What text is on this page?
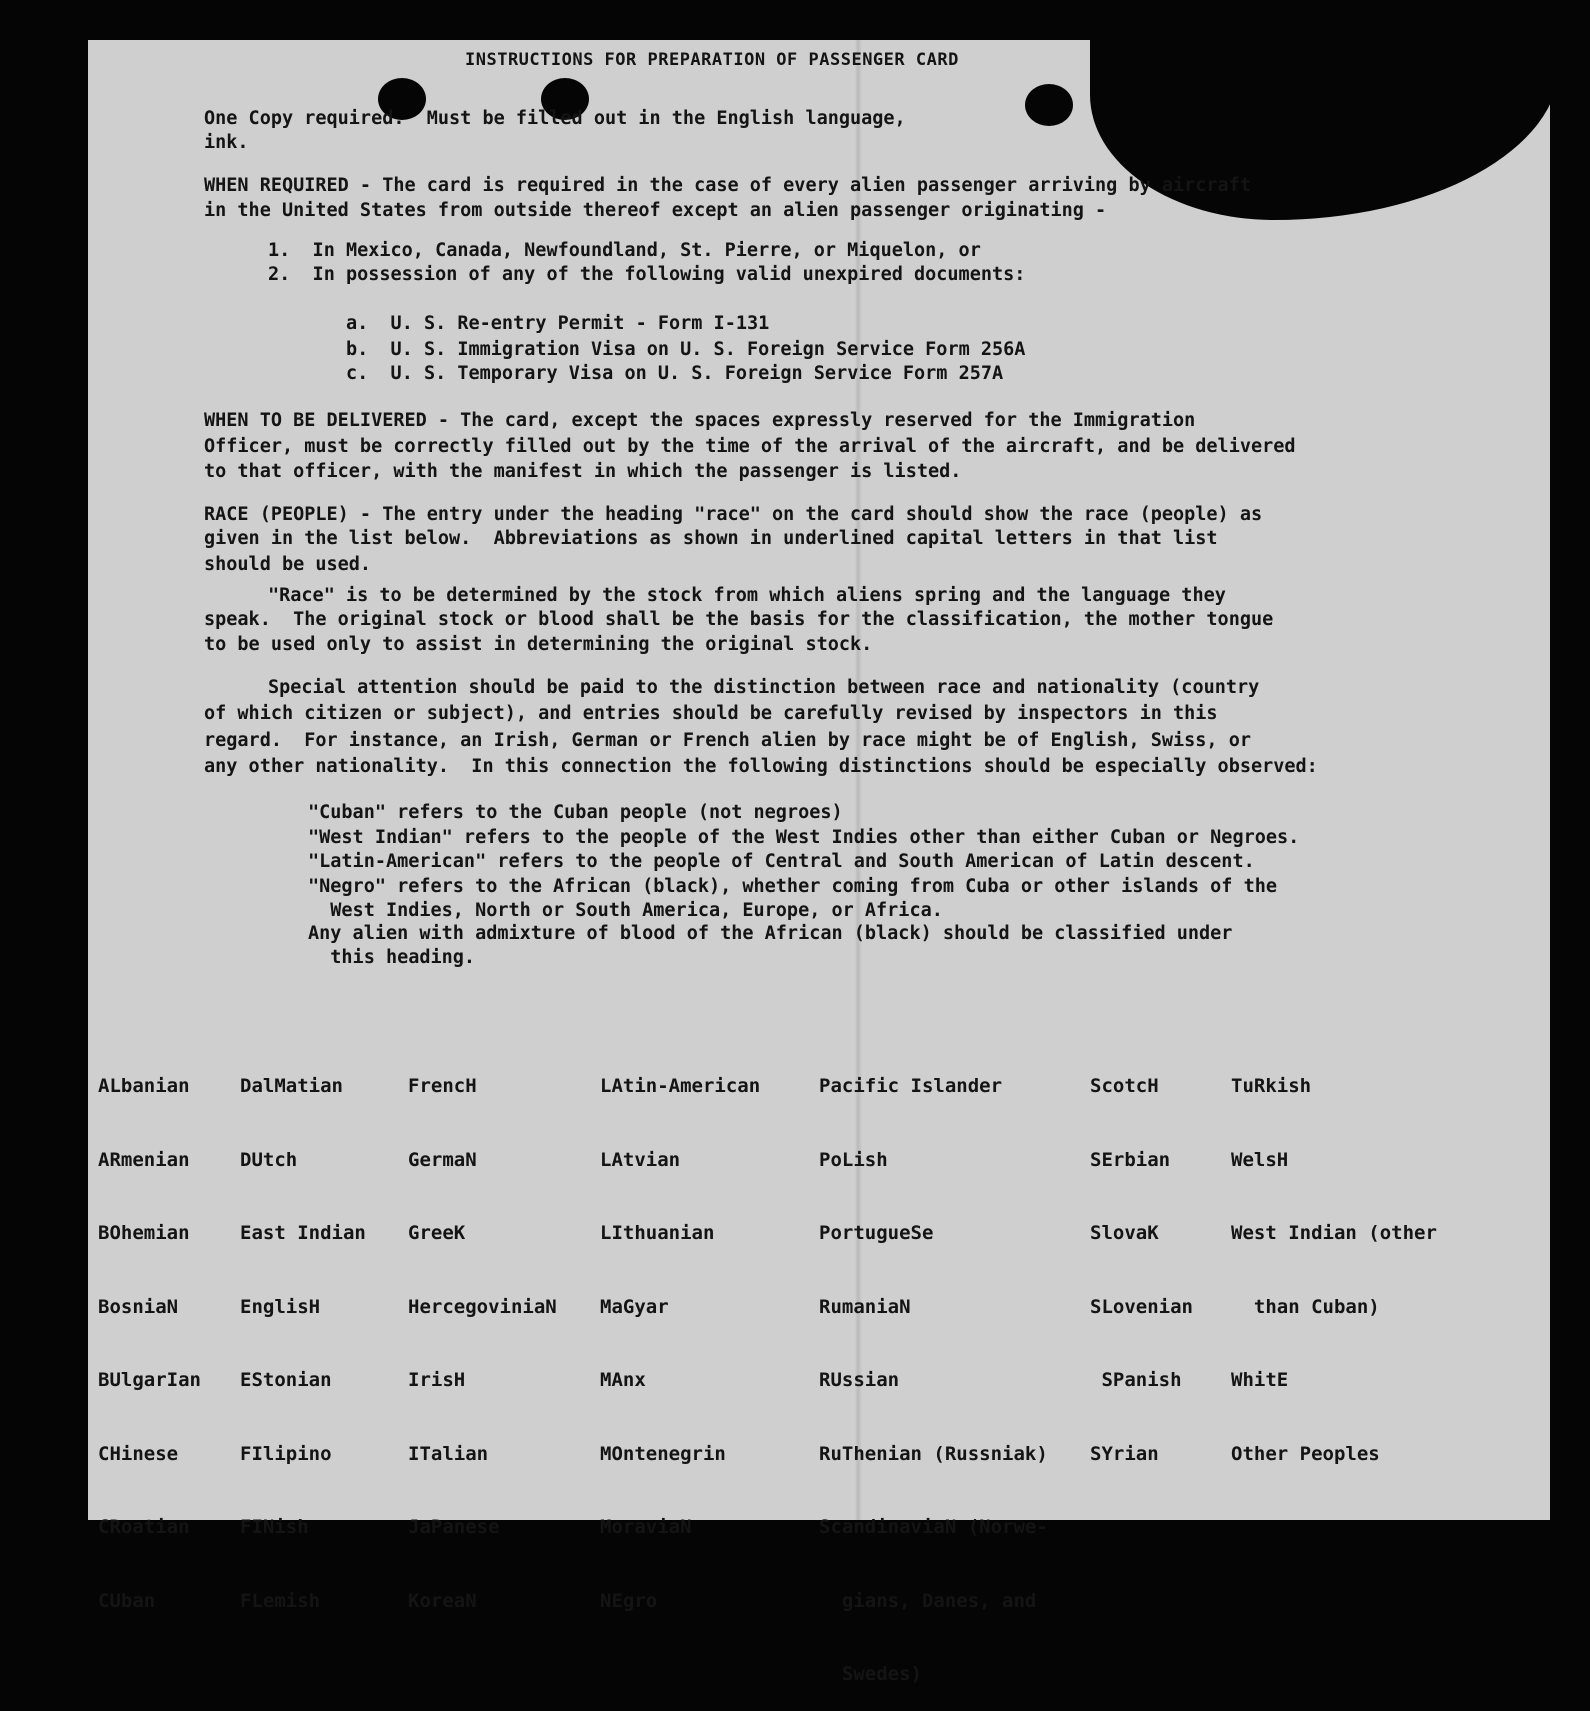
INSTRUCTIONS FOR PREPARATION OF PASSENGER CARD
One Copy required.  Must be filled out in the English language,
ink.
WHEN REQUIRED - The card is required in the case of every alien passenger arriving by aircraft
in the United States from outside thereof except an alien passenger originating -
1.  In Mexico, Canada, Newfoundland, St. Pierre, or Miquelon, or
2.  In possession of any of the following valid unexpired documents:
a.  U. S. Re-entry Permit - Form I-131
b.  U. S. Immigration Visa on U. S. Foreign Service Form 256A
c.  U. S. Temporary Visa on U. S. Foreign Service Form 257A
WHEN TO BE DELIVERED - The card, except the spaces expressly reserved for the Immigration
Officer, must be correctly filled out by the time of the arrival of the aircraft, and be delivered
to that officer, with the manifest in which the passenger is listed.
RACE (PEOPLE) - The entry under the heading "race" on the card should show the race (people) as
given in the list below.  Abbreviations as shown in underlined capital letters in that list
should be used.
"Race" is to be determined by the stock from which aliens spring and the language they
speak.  The original stock or blood shall be the basis for the classification, the mother tongue
to be used only to assist in determining the original stock.
Special attention should be paid to the distinction between race and nationality (country
of which citizen or subject), and entries should be carefully revised by inspectors in this
regard.  For instance, an Irish, German or French alien by race might be of English, Swiss, or
any other nationality.  In this connection the following distinctions should be especially observed:
"Cuban" refers to the Cuban people (not negroes)
"West Indian" refers to the people of the West Indies other than either Cuban or Negroes.
"Latin-American" refers to the people of Central and South American of Latin descent.
"Negro" refers to the African (black), whether coming from Cuba or other islands of the
West Indies, North or South America, Europe, or Africa.
Any alien with admixture of blood of the African (black) should be classified under
this heading.

ALbanian

ARmenian

BOhemian

BosniaN

BUlgarIan

CHinese

CRoatian

CUban

DalMatian

DUtch

East Indian

EnglisH

EStonian

FIlipino

FINish

FLemish

FrencH

GermaN

GreeK

HercegoviniaN

IrisH

ITalian

JaPanese

KoreaN

LAtin-American

LAtvian

LIthuanian

MaGyar

MAnx

MOntenegrin

MoraviaN

NEgro

Pacific Islander

PoLish

PortugueSe

RumaniaN

RUssian

RuThenian (Russniak)

ScandinaviaN (Norwe-

gians, Danes, and

Swedes)

ScotcH

SErbian

SlovaK

SLovenian

SPanish

SYrian

TuRkish

WelsH

West Indian (other

than Cuban)

WhitE

Other Peoples
